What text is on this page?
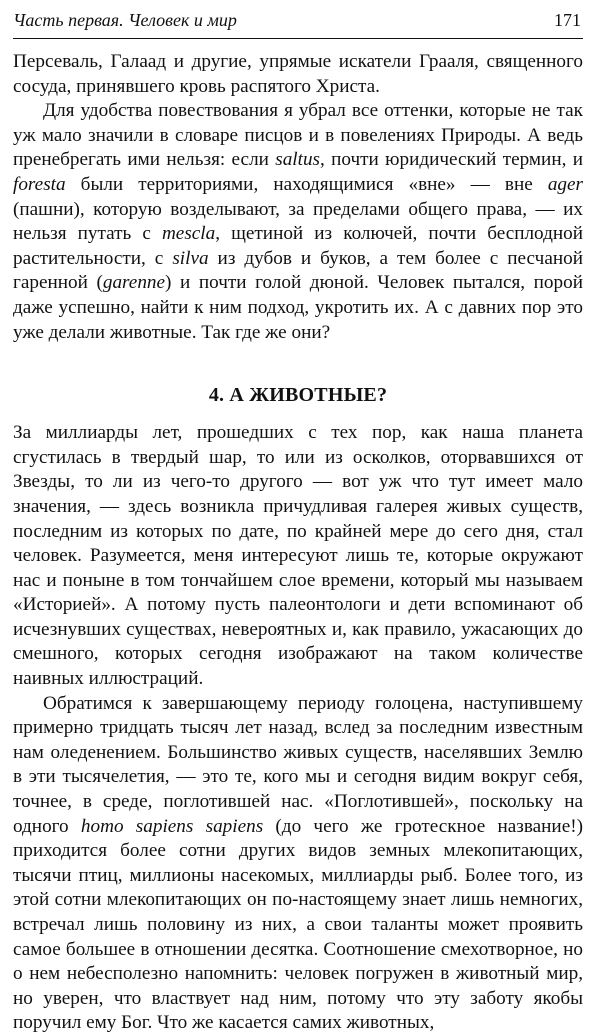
Часть первая. Человек и мир	171

Персеваль, Галаад и другие, упрямые искатели Грааля, священного сосуда, принявшего кровь распятого Христа.

Для удобства повествования я убрал все оттенки, которые не так уж мало значили в словаре писцов и в повелениях Природы. А ведь пренебрегать ими нельзя: если saltus, почти юридический термин, и foresta были территориями, находящимися «вне» — вне ager (пашни), которую возделывают, за пределами общего права, — их нельзя путать с mescla, щетиной из колючей, почти бесплодной растительности, с silva из дубов и буков, а тем более с песчаной гаренной (garenne) и почти голой дюной. Человек пытался, порой даже успешно, найти к ним подход, укротить их. А с давних пор это уже делали животные. Так где же они?

4. А ЖИВОТНЫЕ?

За миллиарды лет, прошедших с тех пор, как наша планета сгустилась в твердый шар, то или из осколков, оторвавшихся от Звезды, то ли из чего-то другого — вот уж что тут имеет мало значения, — здесь возникла причудливая галерея живых существ, последним из которых по дате, по крайней мере до сего дня, стал человек. Разумеется, меня интересуют лишь те, которые окружают нас и поныне в том тончайшем слое времени, который мы называем «Историей». А потому пусть палеонтологи и дети вспоминают об исчезнувших существах, невероятных и, как правило, ужасающих до смешного, которых сегодня изображают на таком количестве наивных иллюстраций.

Обратимся к завершающему периоду голоцена, наступившему примерно тридцать тысяч лет назад, вслед за последним известным нам оледенением. Большинство живых существ, населявших Землю в эти тысячелетия, — это те, кого мы и сегодня видим вокруг себя, точнее, в среде, поглотившей нас. «Поглотившей», поскольку на одного homo sapiens sapiens (до чего же гротескное название!) приходится более сотни других видов земных млекопитающих, тысячи птиц, миллионы насекомых, миллиарды рыб. Более того, из этой сотни млекопитающих он по-настоящему знает лишь немногих, встречал лишь половину из них, а свои таланты может проявить самое большее в отношении десятка. Соотношение смехотворное, но о нем небесполезно напомнить: человек погружен в животный мир, но уверен, что властвует над ним, потому что эту заботу якобы поручил ему Бог. Что же касается самих животных,
